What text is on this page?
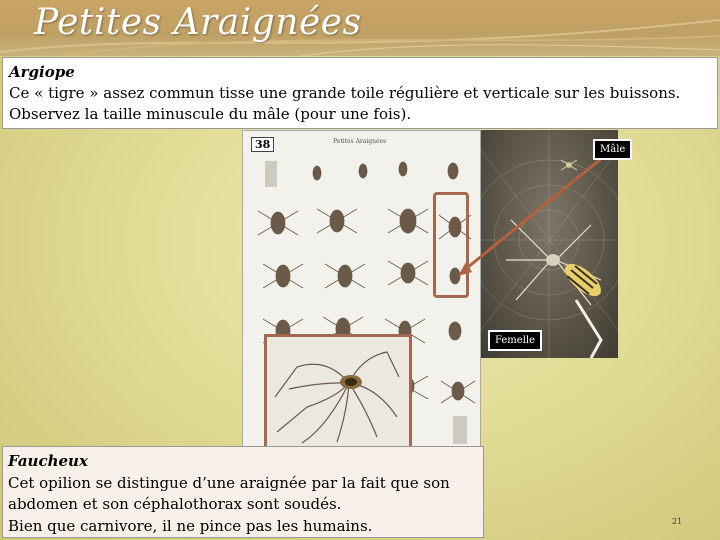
Petites Araignées
Argiope
Ce « tigre » assez commun tisse une grande toile régulière et verticale sur les buissons.
Observez la taille minuscule du mâle (pour une fois).
38	Petites Araignées
Mâle
Femelle
Faucheux
Cet opilion se distingue d’une araignée par la fait que son
abdomen et son céphalothorax sont soudés.
Bien que carnivore, il ne pince pas les humains.	21
